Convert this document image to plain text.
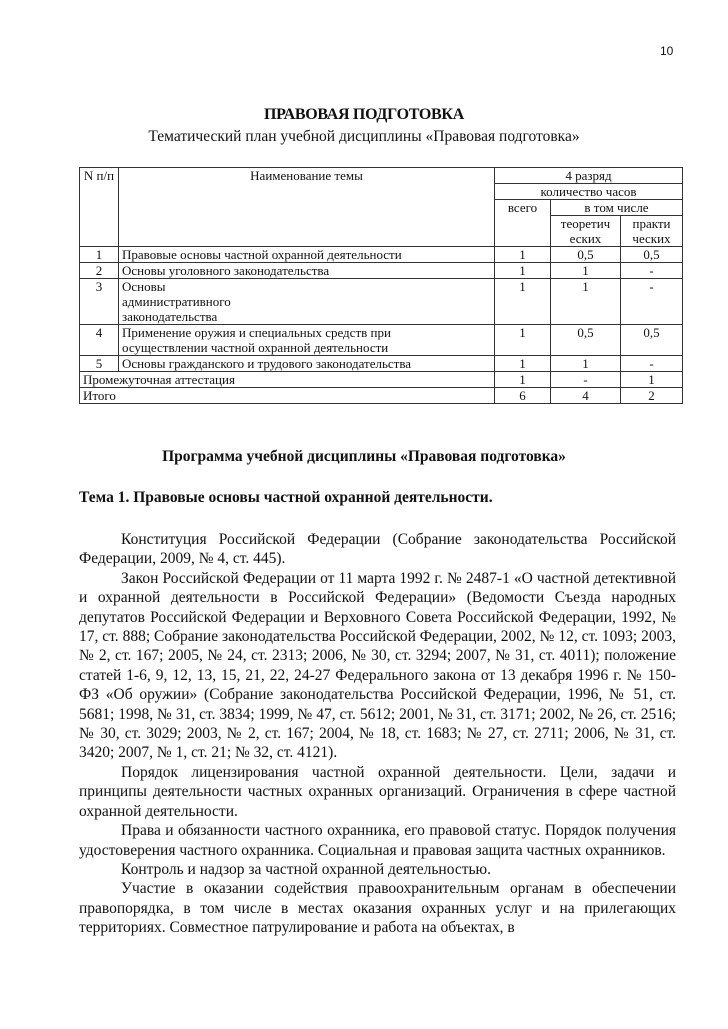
10
ПРАВОВАЯ ПОДГОТОВКА
Тематический план учебной дисциплины «Правовая подготовка»
N п/п	Наименование темы	4 разряд		
		количество часов		
		всего	в том числе	
			теоретич еских	практи ческих
1	Правовые основы частной охранной деятельности	1	0,5	0,5
2	Основы уголовного законодательства	1	1	-
3	Основы административного законодательства	1	1	-
4	Применение оружия и специальных средств при осуществлении частной охранной деятельности	1	0,5	0,5
5	Основы гражданского и трудового законодательства	1	1	-
Промежуточная аттестация		1	-	1
Итого		6	4	2
Программа учебной дисциплины «Правовая подготовка»
Тема 1. Правовые основы частной охранной деятельности.

Конституция Российской Федерации (Собрание законодательства Российской Федерации, 2009, № 4, ст. 445).

Закон Российской Федерации от 11 марта 1992 г. № 2487-1 «О частной детективной и охранной деятельности в Российской Федерации» (Ведомости Съезда народных депутатов Российской Федерации и Верховного Совета Российской Федерации, 1992, № 17, ст. 888; Собрание законодательства Российской Федерации, 2002, № 12, ст. 1093; 2003, № 2, ст. 167; 2005, № 24, ст. 2313; 2006, № 30, ст. 3294; 2007, № 31, ст. 4011); положение статей 1-6, 9, 12, 13, 15, 21, 22, 24-27 Федерального закона от 13 декабря 1996 г. № 150-ФЗ «Об оружии» (Собрание законодательства Российской Федерации, 1996, № 51, ст. 5681; 1998, № 31, ст. 3834; 1999, № 47, ст. 5612; 2001, № 31, ст. 3171; 2002, № 26, ст. 2516; № 30, ст. 3029; 2003, № 2, ст. 167; 2004, № 18, ст. 1683; № 27, ст. 2711; 2006, № 31, ст. 3420; 2007, № 1, ст. 21; № 32, ст. 4121).

Порядок лицензирования частной охранной деятельности. Цели, задачи и принципы деятельности частных охранных организаций. Ограничения в сфере частной охранной деятельности.

Права и обязанности частного охранника, его правовой статус. Порядок получения удостоверения частного охранника. Социальная и правовая защита частных охранников.

Контроль и надзор за частной охранной деятельностью.

Участие в оказании содействия правоохранительным органам в обеспечении правопорядка, в том числе в местах оказания охранных услуг и на прилегающих территориях. Совместное патрулирование и работа на объектах, в
